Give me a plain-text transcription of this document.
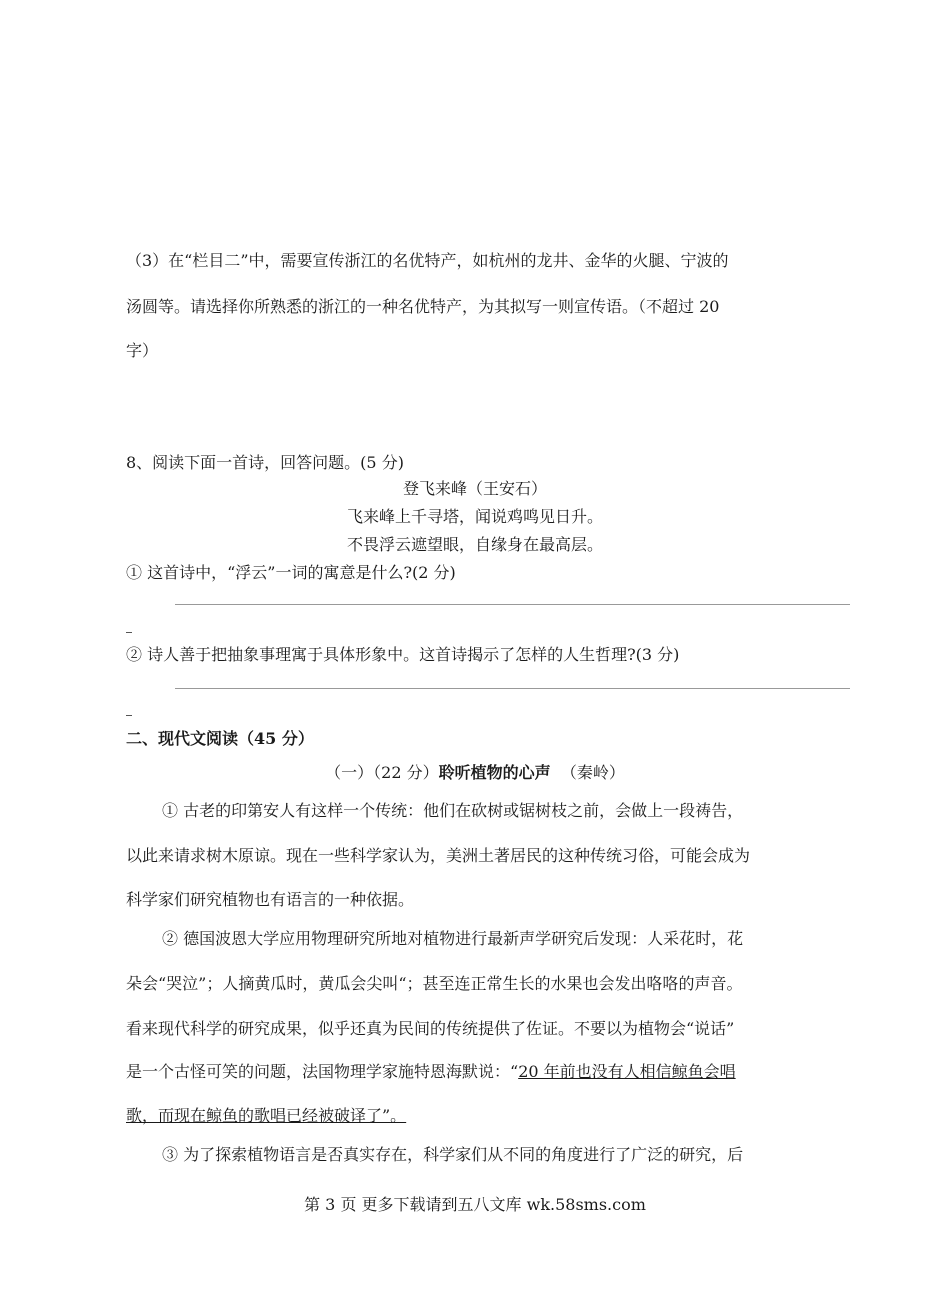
（3）在“栏目二”中，需要宣传浙江的名优特产，如杭州的龙井、金华的火腿、宁波的

汤圆等。请选择你所熟悉的浙江的一种名优特产，为其拟写一则宣传语。（不超过 20

字）

8、阅读下面一首诗，回答问题。(5 分)

登飞来峰（王安石）

飞来峰上千寻塔，闻说鸡鸣见日升。

不畏浮云遮望眼，自缘身在最高层。

① 这首诗中，“浮云”一词的寓意是什么?(2 分)

② 诗人善于把抽象事理寓于具体形象中。这首诗揭示了怎样的人生哲理?(3 分)

二、现代文阅读（45 分）

（一）（22 分）聆听植物的心声 （秦岭）

① 古老的印第安人有这样一个传统：他们在砍树或锯树枝之前，会做上一段祷告，

以此来请求树木原谅。现在一些科学家认为，美洲土著居民的这种传统习俗，可能会成为

科学家们研究植物也有语言的一种依据。

② 德国波恩大学应用物理研究所地对植物进行最新声学研究后发现：人采花时，花

朵会“哭泣”；人摘黄瓜时，黄瓜会尖叫“；甚至连正常生长的水果也会发出咯咯的声音。

看来现代科学的研究成果，似乎还真为民间的传统提供了佐证。不要以为植物会“说话”

是一个古怪可笑的问题，法国物理学家施特恩海默说：“20 年前也没有人相信鲸鱼会唱

歌，而现在鲸鱼的歌唱已经被破译了”。

③ 为了探索植物语言是否真实存在，科学家们从不同的角度进行了广泛的研究，后

第 3 页 更多下载请到五八文库 wk.58sms.com
